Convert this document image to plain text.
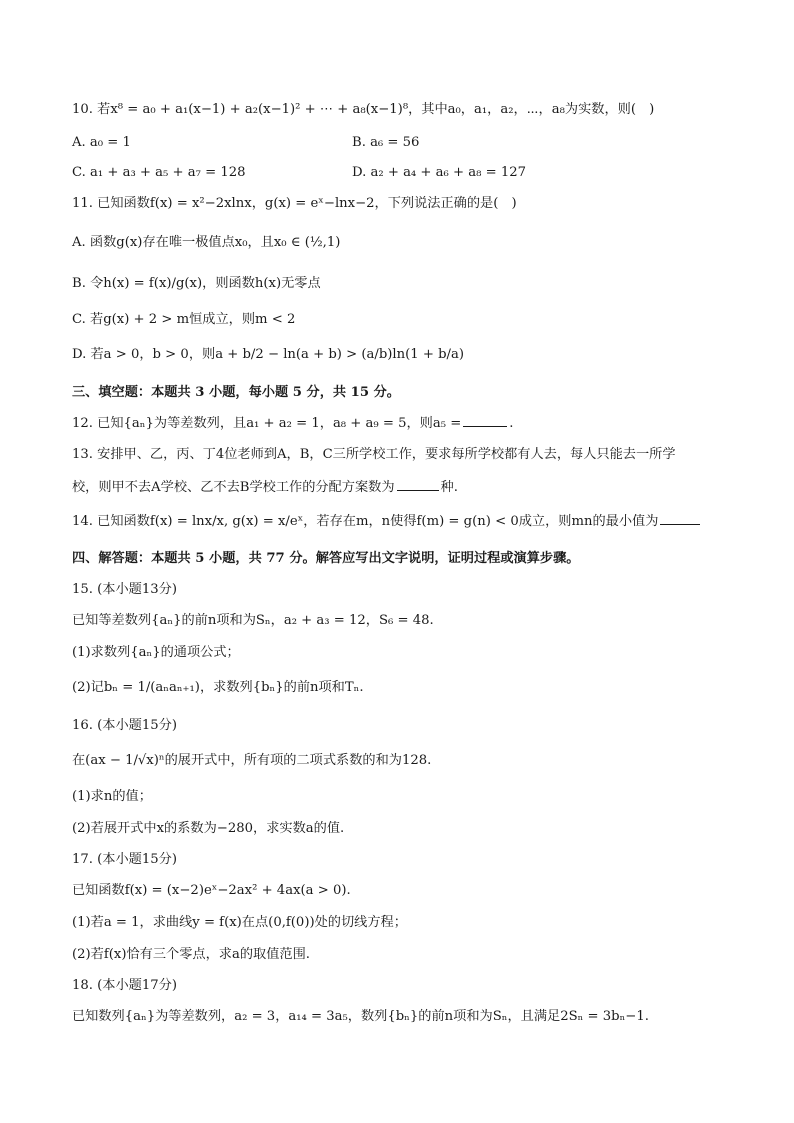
10. 若x⁸ = a₀ + a₁(x−1) + a₂(x−1)² + ⋯ + a₈(x−1)⁸，其中a₀，a₁，a₂，⋯，a₈为实数，则(　)
A. a₀ = 1	B. a₆ = 56
C. a₁ + a₃ + a₅ + a₇ = 128	D. a₂ + a₄ + a₆ + a₈ = 127
11. 已知函数f(x) = x²−2xlnx，g(x) = eˣ−lnx−2，下列说法正确的是(　)
A. 函数g(x)存在唯一极值点x₀，且x₀ ∈ (½,1)
B. 令h(x) = f(x)/g(x)，则函数h(x)无零点
C. 若g(x) + 2 > m恒成立，则m < 2
D. 若a > 0，b > 0，则a + b/2 − ln(a + b) > (a/b)ln(1 + b/a)
三、填空题：本题共 3 小题，每小题 5 分，共 15 分。
12. 已知{aₙ}为等差数列，且a₁ + a₂ = 1，a₈ + a₉ = 5，则a₅ =	.
13. 安排甲、乙，丙、丁4位老师到A，B，C三所学校工作，要求每所学校都有人去，每人只能去一所学
校，则甲不去A学校、乙不去B学校工作的分配方案数为	种.
14. 已知函数f(x) = lnx/x, g(x) = x/eˣ，若存在m，n使得f(m) = g(n) < 0成立，则mn的最小值为
四、解答题：本题共 5 小题，共 77 分。解答应写出文字说明，证明过程或演算步骤。
15. (本小题13分)
已知等差数列{aₙ}的前n项和为Sₙ，a₂ + a₃ = 12，S₆ = 48.
(1)求数列{aₙ}的通项公式；
(2)记bₙ = 1/(aₙaₙ₊₁)，求数列{bₙ}的前n项和Tₙ.
16. (本小题15分)
在(ax − 1/√x)ⁿ的展开式中，所有项的二项式系数的和为128.
(1)求n的值；
(2)若展开式中x的系数为−280，求实数a的值.
17. (本小题15分)
已知函数f(x) = (x−2)eˣ−2ax² + 4ax(a > 0).
(1)若a = 1，求曲线y = f(x)在点(0,f(0))处的切线方程；
(2)若f(x)恰有三个零点，求a的取值范围.
18. (本小题17分)
已知数列{aₙ}为等差数列，a₂ = 3，a₁₄ = 3a₅，数列{bₙ}的前n项和为Sₙ，且满足2Sₙ = 3bₙ−1.
